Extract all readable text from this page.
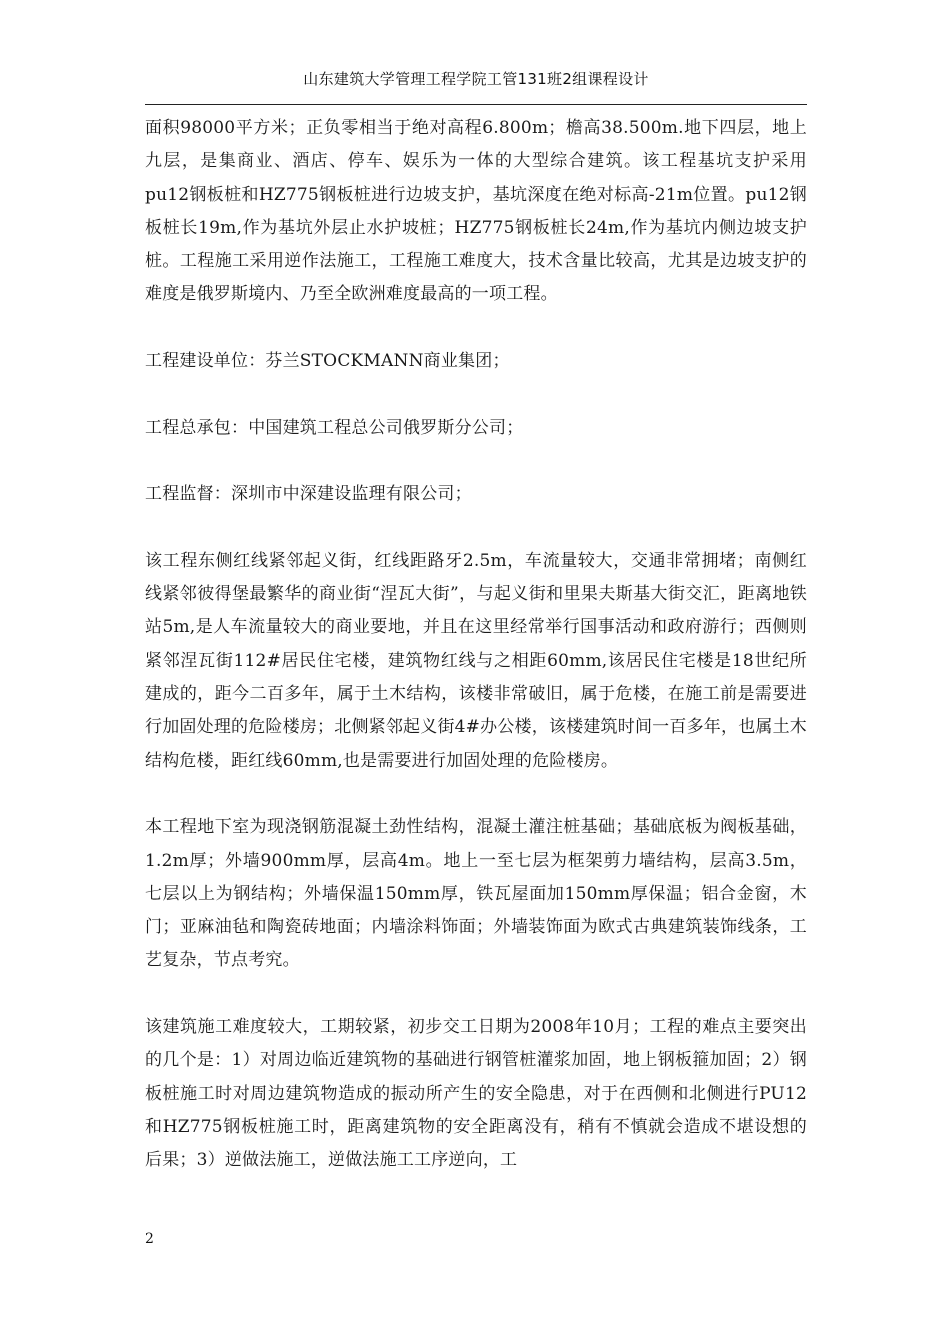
山东建筑大学管理工程学院工管131班2组课程设计

面积98000平方米；正负零相当于绝对高程6.800m；檐高38.500m.地下四层，地上九层，是集商业、酒店、停车、娱乐为一体的大型综合建筑。该工程基坑支护采用pu12钢板桩和HZ775钢板桩进行边坡支护，基坑深度在绝对标高-21m位置。pu12钢板桩长19m,作为基坑外层止水护坡桩；HZ775钢板桩长24m,作为基坑内侧边坡支护桩。工程施工采用逆作法施工，工程施工难度大，技术含量比较高，尤其是边坡支护的难度是俄罗斯境内、乃至全欧洲难度最高的一项工程。

工程建设单位：芬兰STOCKMANN商业集团；

工程总承包：中国建筑工程总公司俄罗斯分公司；

工程监督：深圳市中深建设监理有限公司；

该工程东侧红线紧邻起义街，红线距路牙2.5m，车流量较大，交通非常拥堵；南侧红线紧邻彼得堡最繁华的商业街“涅瓦大街”，与起义街和里果夫斯基大街交汇，距离地铁站5m,是人车流量较大的商业要地，并且在这里经常举行国事活动和政府游行；西侧则紧邻涅瓦街112#居民住宅楼，建筑物红线与之相距60mm,该居民住宅楼是18世纪所建成的，距今二百多年，属于土木结构，该楼非常破旧，属于危楼，在施工前是需要进行加固处理的危险楼房；北侧紧邻起义街4#办公楼，该楼建筑时间一百多年，也属土木结构危楼，距红线60mm,也是需要进行加固处理的危险楼房。

本工程地下室为现浇钢筋混凝土劲性结构，混凝土灌注桩基础；基础底板为阀板基础，1.2m厚；外墙900mm厚，层高4m。地上一至七层为框架剪力墙结构，层高3.5m，七层以上为钢结构；外墙保温150mm厚，铁瓦屋面加150mm厚保温；铝合金窗，木门；亚麻油毡和陶瓷砖地面；内墙涂料饰面；外墙装饰面为欧式古典建筑装饰线条，工艺复杂，节点考究。

该建筑施工难度较大，工期较紧，初步交工日期为2008年10月；工程的难点主要突出的几个是：1）对周边临近建筑物的基础进行钢管桩灌浆加固，地上钢板箍加固；2）钢板桩施工时对周边建筑物造成的振动所产生的安全隐患，对于在西侧和北侧进行PU12和HZ775钢板桩施工时，距离建筑物的安全距离没有，稍有不慎就会造成不堪设想的后果；3）逆做法施工，逆做法施工工序逆向，工

2
